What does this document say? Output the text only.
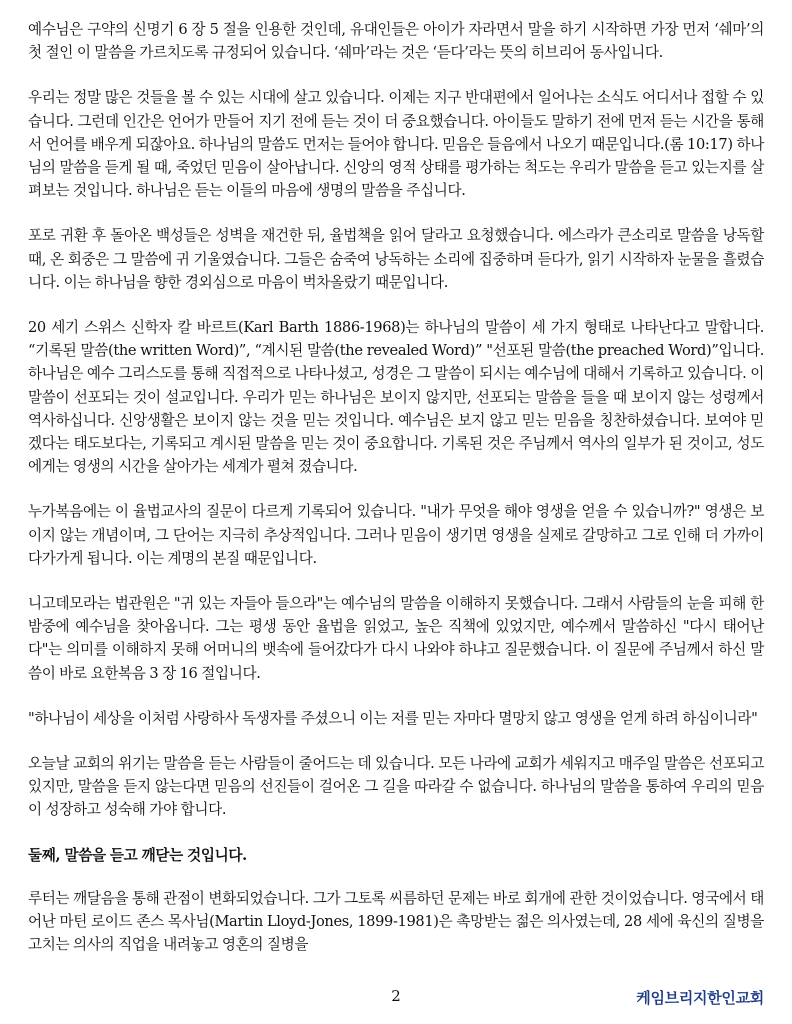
예수님은 구약의 신명기 6 장 5 절을 인용한 것인데, 유대인들은 아이가 자라면서 말을 하기 시작하면 가장 먼저 ‘쉐마’의 첫 절인 이 말씀을 가르치도록 규정되어 있습니다. ‘쉐마’라는 것은 ‘듣다’라는 뜻의 히브리어 동사입니다.

우리는 정말 많은 것들을 볼 수 있는 시대에 살고 있습니다. 이제는 지구 반대편에서 일어나는 소식도 어디서나 접할 수 있습니다. 그런데 인간은 언어가 만들어 지기 전에 듣는 것이 더 중요했습니다. 아이들도 말하기 전에 먼저 듣는 시간을 통해서 언어를 배우게 되잖아요. 하나님의 말씀도 먼저는 들어야 합니다. 믿음은 들음에서 나오기 때문입니다.(롬 10:17) 하나님의 말씀을 듣게 될 때, 죽었던 믿음이 살아납니다. 신앙의 영적 상태를 평가하는 척도는 우리가 말씀을 듣고 있는지를 살펴보는 것입니다. 하나님은 듣는 이들의 마음에 생명의 말씀을 주십니다.

포로 귀환 후 돌아온 백성들은 성벽을 재건한 뒤, 율법책을 읽어 달라고 요청했습니다. 에스라가 큰소리로 말씀을 낭독할 때, 온 회중은 그 말씀에 귀 기울였습니다. 그들은 숨죽여 낭독하는 소리에 집중하며 듣다가, 읽기 시작하자 눈물을 흘렸습니다. 이는 하나님을 향한 경외심으로 마음이 벅차올랐기 때문입니다.

20 세기 스위스 신학자 칼 바르트(Karl Barth 1886-1968)는 하나님의 말씀이 세 가지 형태로 나타난다고 말합니다. “기록된 말씀(the written Word)”, “계시된 말씀(the revealed Word)” "선포된 말씀(the preached Word)”입니다. 하나님은 예수 그리스도를 통해 직접적으로 나타나셨고, 성경은 그 말씀이 되시는 예수님에 대해서 기록하고 있습니다. 이 말씀이 선포되는 것이 설교입니다. 우리가 믿는 하나님은 보이지 않지만, 선포되는 말씀을 들을 때 보이지 않는 성령께서 역사하십니다. 신앙생활은 보이지 않는 것을 믿는 것입니다. 예수님은 보지 않고 믿는 믿음을 칭찬하셨습니다. 보여야 믿겠다는 태도보다는, 기록되고 계시된 말씀을 믿는 것이 중요합니다. 기록된 것은 주님께서 역사의 일부가 된 것이고, 성도에게는 영생의 시간을 살아가는 세계가 펼쳐 졌습니다.

누가복음에는 이 율법교사의 질문이 다르게 기록되어 있습니다. "내가 무엇을 해야 영생을 얻을 수 있습니까?" 영생은 보이지 않는 개념이며, 그 단어는 지극히 추상적입니다. 그러나 믿음이 생기면 영생을 실제로 갈망하고 그로 인해 더 가까이 다가가게 됩니다. 이는 계명의 본질 때문입니다.

니고데모라는 법관원은 "귀 있는 자들아 들으라"는 예수님의 말씀을 이해하지 못했습니다. 그래서 사람들의 눈을 피해 한밤중에 예수님을 찾아옵니다. 그는 평생 동안 율법을 읽었고, 높은 직책에 있었지만, 예수께서 말씀하신 "다시 태어난다"는 의미를 이해하지 못해 어머니의 뱃속에 들어갔다가 다시 나와야 하냐고 질문했습니다. 이 질문에 주님께서 하신 말씀이 바로 요한복음 3 장 16 절입니다.

"하나님이 세상을 이처럼 사랑하사 독생자를 주셨으니 이는 저를 믿는 자마다 멸망치 않고 영생을 얻게 하려 하심이니라"

오늘날 교회의 위기는 말씀을 듣는 사람들이 줄어드는 데 있습니다. 모든 나라에 교회가 세워지고 매주일 말씀은 선포되고 있지만, 말씀을 듣지 않는다면 믿음의 선진들이 걸어온 그 길을 따라갈 수 없습니다. 하나님의 말씀을 통하여 우리의 믿음이 성장하고 성숙해 가야 합니다.

둘째, 말씀을 듣고 깨닫는 것입니다.

루터는 깨달음을 통해 관점이 변화되었습니다. 그가 그토록 씨름하던 문제는 바로 회개에 관한 것이었습니다. 영국에서 태어난 마틴 로이드 존스 목사님(Martin Lloyd-Jones, 1899-1981)은 촉망받는 젊은 의사였는데, 28 세에 육신의 질병을 고치는 의사의 직업을 내려놓고 영혼의 질병을

2	케임브리지한인교회
